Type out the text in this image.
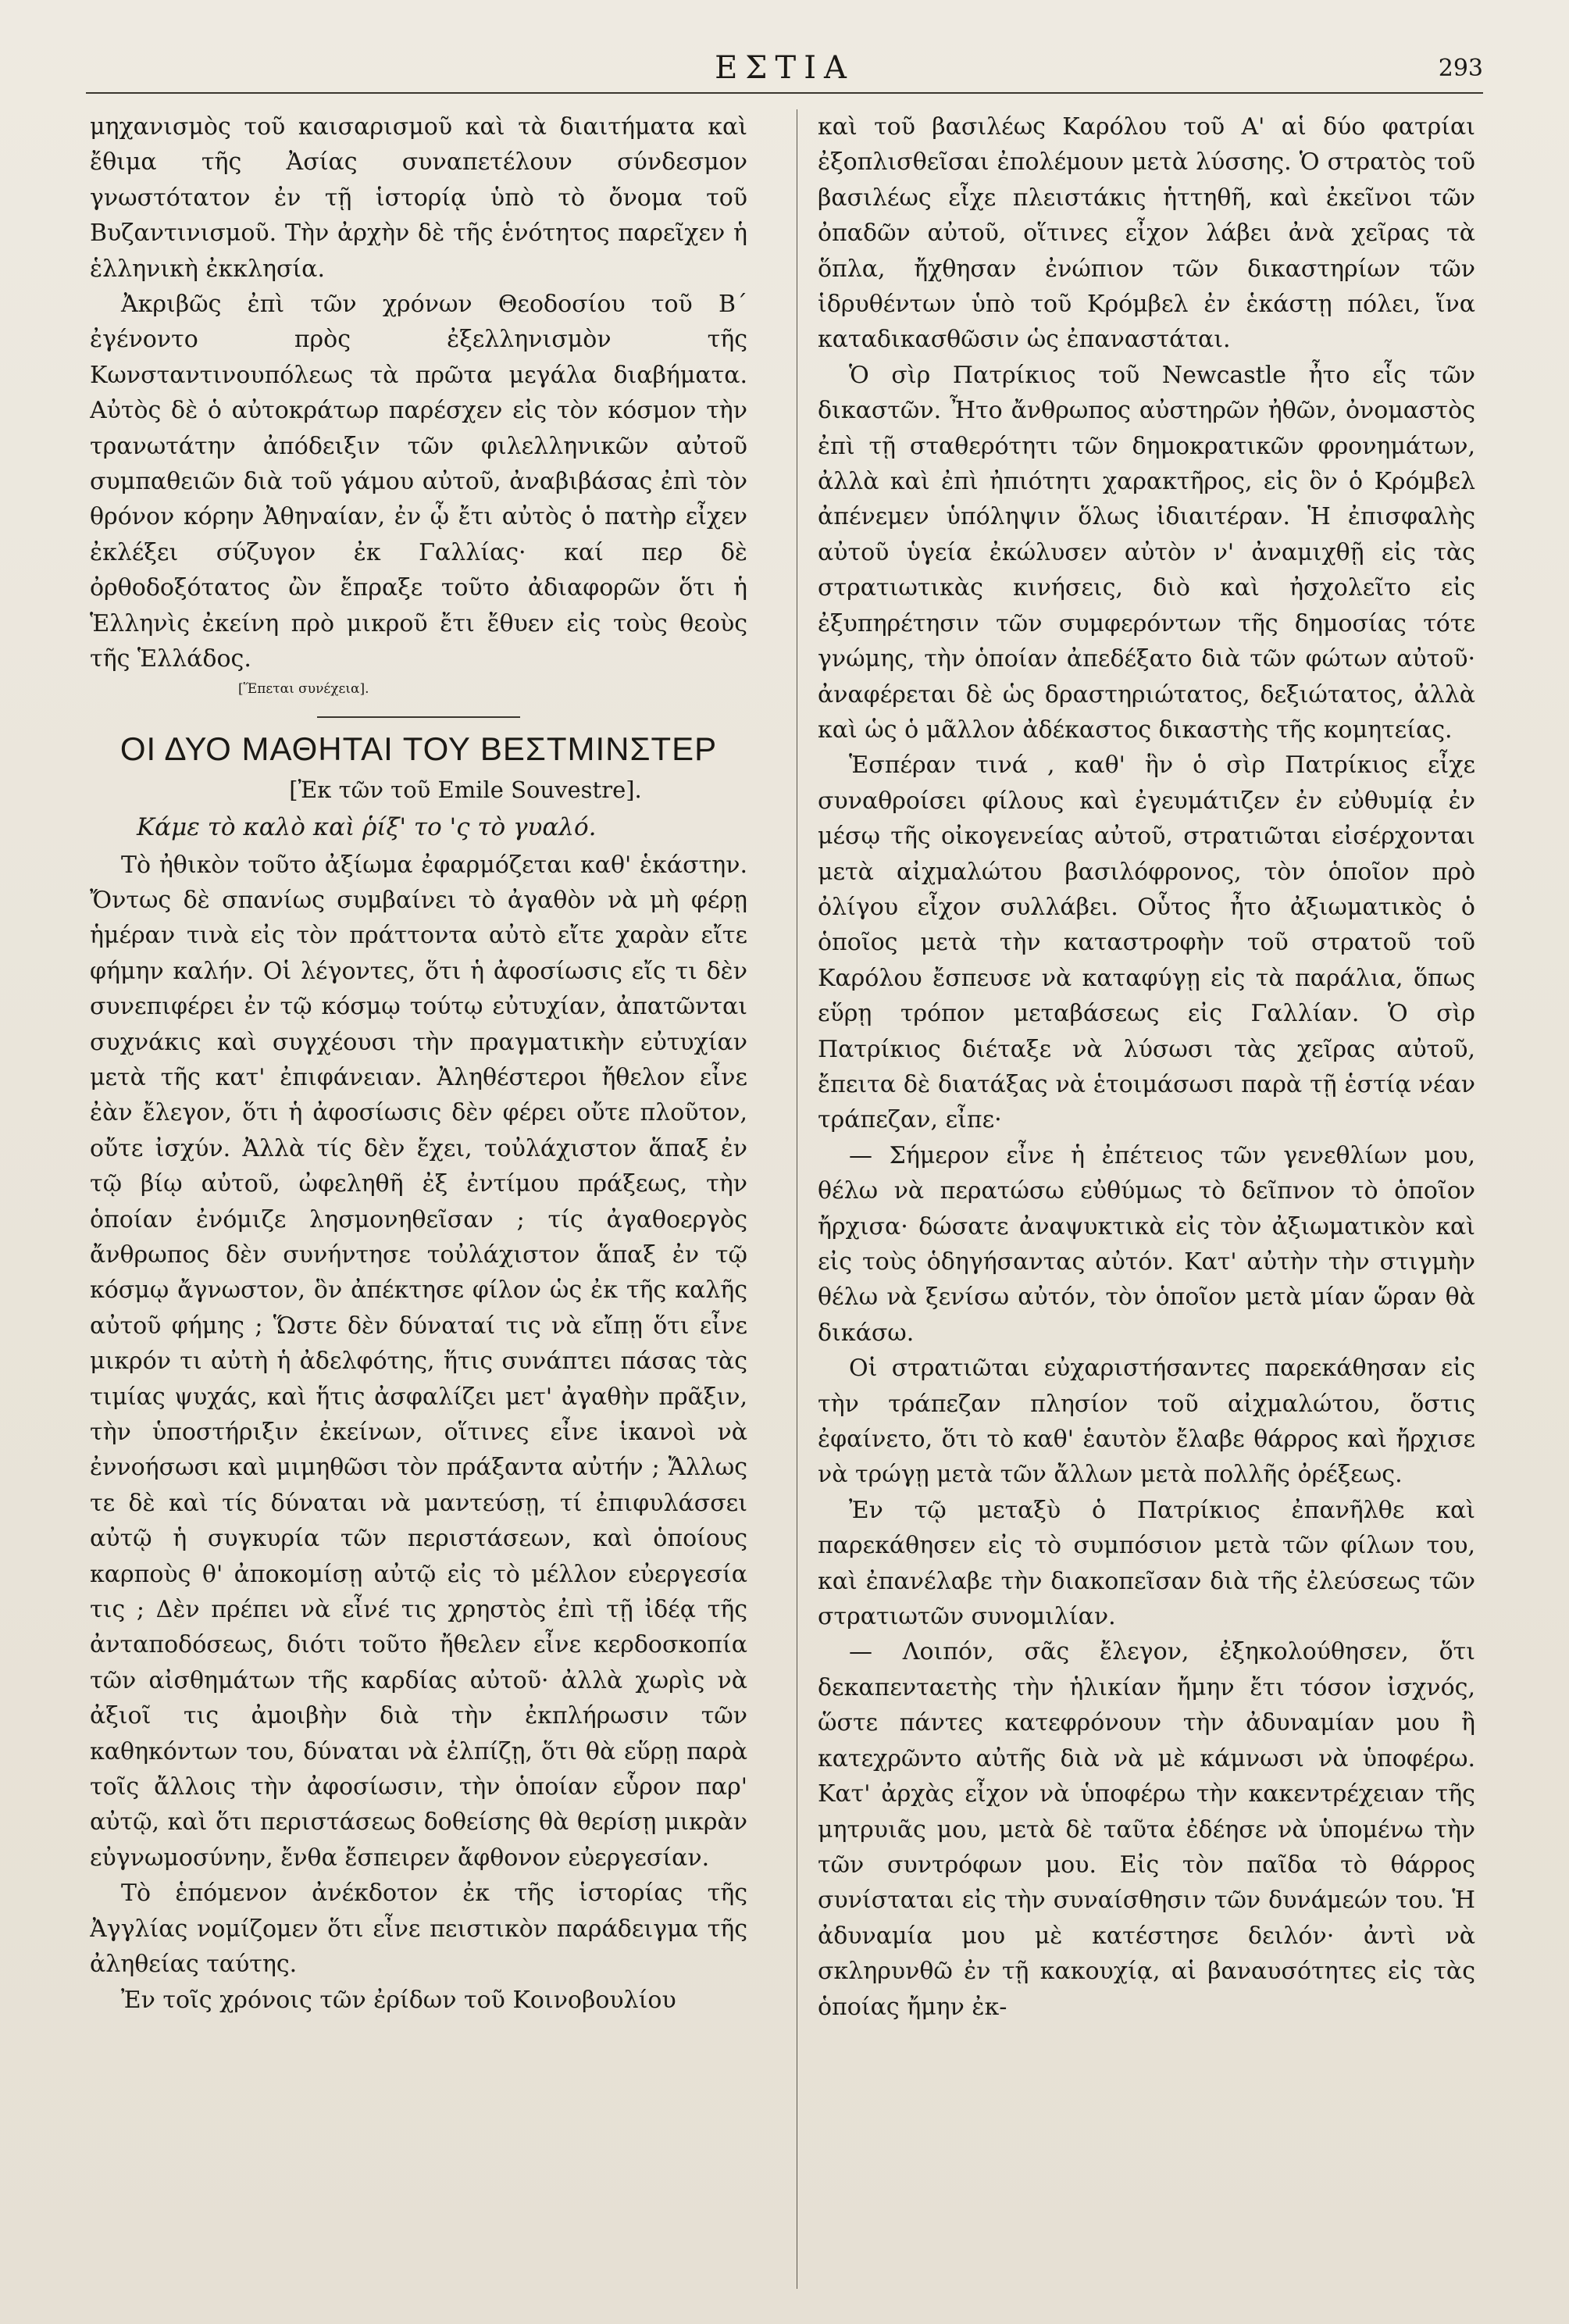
ΕΣΤΙΑ	293

μηχανισμὸς τοῦ καισαρισμοῦ καὶ τὰ διαιτήματα καὶ ἔθιμα τῆς Ἀσίας συναπετέλουν σύνδεσμον γνωστότατον ἐν τῇ ἱστορίᾳ ὑπὸ τὸ ὄνομα τοῦ Βυζαντινισμοῦ. Τὴν ἀρχὴν δὲ τῆς ἑνότητος παρεῖχεν ἡ ἑλληνικὴ ἐκκλησία.

Ἀκριβῶς ἐπὶ τῶν χρόνων Θεοδοσίου τοῦ Β΄ ἐγένοντο πρὸς ἐξελληνισμὸν τῆς Κωνσταντινουπόλεως τὰ πρῶτα μεγάλα διαβήματα. Αὐτὸς δὲ ὁ αὐτοκράτωρ παρέσχεν εἰς τὸν κόσμον τὴν τρανωτάτην ἀπόδειξιν τῶν φιλελληνικῶν αὐτοῦ συμπαθειῶν διὰ τοῦ γάμου αὐτοῦ, ἀναβιβάσας ἐπὶ τὸν θρόνον κόρην Ἀθηναίαν, ἐν ᾧ ἔτι αὐτὸς ὁ πατὴρ εἶχεν ἐκλέξει σύζυγον ἐκ Γαλλίας· καί περ δὲ ὀρθοδοξότατος ὢν ἔπραξε τοῦτο ἀδιαφορῶν ὅτι ἡ Ἑλληνὶς ἐκείνη πρὸ μικροῦ ἔτι ἔθυεν εἰς τοὺς θεοὺς τῆς Ἑλλάδος.

[Ἕπεται συνέχεια].

ΟΙ ΔΥΟ ΜΑΘΗΤΑΙ ΤΟΥ ΒΕΣΤΜΙΝΣΤΕΡ

[Ἐκ τῶν τοῦ Emile Souvestre].

Κάμε τὸ καλὸ καὶ ῥίξ' το 'ς τὸ γυαλό.

Τὸ ἠθικὸν τοῦτο ἀξίωμα ἐφαρμόζεται καθ' ἑκάστην. Ὄντως δὲ σπανίως συμβαίνει τὸ ἀγαθὸν νὰ μὴ φέρῃ ἡμέραν τινὰ εἰς τὸν πράττοντα αὐτὸ εἴτε χαρὰν εἴτε φήμην καλήν. Οἱ λέγοντες, ὅτι ἡ ἀφοσίωσις εἴς τι δὲν συνεπιφέρει ἐν τῷ κόσμῳ τούτῳ εὐτυχίαν, ἀπατῶνται συχνάκις καὶ συγχέουσι τὴν πραγματικὴν εὐτυχίαν μετὰ τῆς κατ' ἐπιφάνειαν. Ἀληθέστεροι ἤθελον εἶνε ἐὰν ἔλεγον, ὅτι ἡ ἀφοσίωσις δὲν φέρει οὔτε πλοῦτον, οὔτε ἰσχύν. Ἀλλὰ τίς δὲν ἔχει, τοὐλάχιστον ἅπαξ ἐν τῷ βίῳ αὐτοῦ, ὠφεληθῆ ἐξ ἐντίμου πράξεως, τὴν ὁποίαν ἐνόμιζε λησμονηθεῖσαν ; τίς ἀγαθοεργὸς ἄνθρωπος δὲν συνήντησε τοὐλάχιστον ἅπαξ ἐν τῷ κόσμῳ ἄγνωστον, ὃν ἀπέκτησε φίλον ὡς ἐκ τῆς καλῆς αὐτοῦ φήμης ; Ὥστε δὲν δύναταί τις νὰ εἴπῃ ὅτι εἶνε μικρόν τι αὐτὴ ἡ ἀδελφότης, ἥτις συνάπτει πάσας τὰς τιμίας ψυχάς, καὶ ἥτις ἀσφαλίζει μετ' ἀγαθὴν πρᾶξιν, τὴν ὑποστήριξιν ἐκείνων, οἵτινες εἶνε ἱκανοὶ νὰ ἐννοήσωσι καὶ μιμηθῶσι τὸν πράξαντα αὐτήν ; Ἄλλως τε δὲ καὶ τίς δύναται νὰ μαντεύσῃ, τί ἐπιφυλάσσει αὐτῷ ἡ συγκυρία τῶν περιστάσεων, καὶ ὁποίους καρποὺς θ' ἀποκομίσῃ αὐτῷ εἰς τὸ μέλλον εὐεργεσία τις ; Δὲν πρέπει νὰ εἶνέ τις χρηστὸς ἐπὶ τῇ ἰδέᾳ τῆς ἀνταποδόσεως, διότι τοῦτο ἤθελεν εἶνε κερδοσκοπία τῶν αἰσθημάτων τῆς καρδίας αὐτοῦ· ἀλλὰ χωρὶς νὰ ἀξιοῖ τις ἀμοιβὴν διὰ τὴν ἐκπλήρωσιν τῶν καθηκόντων του, δύναται νὰ ἐλπίζῃ, ὅτι θὰ εὕρῃ παρὰ τοῖς ἄλλοις τὴν ἀφοσίωσιν, τὴν ὁποίαν εὗρον παρ' αὐτῷ, καὶ ὅτι περιστάσεως δοθείσης θὰ θερίσῃ μικρὰν εὐγνωμοσύνην, ἔνθα ἔσπειρεν ἄφθονον εὐεργεσίαν.

Τὸ ἑπόμενον ἀνέκδοτον ἐκ τῆς ἱστορίας τῆς Ἀγγλίας νομίζομεν ὅτι εἶνε πειστικὸν παράδειγμα τῆς ἀληθείας ταύτης.

Ἐν τοῖς χρόνοις τῶν ἐρίδων τοῦ Κοινοβουλίου

καὶ τοῦ βασιλέως Καρόλου τοῦ Α' αἱ δύο φατρίαι ἐξοπλισθεῖσαι ἐπολέμουν μετὰ λύσσης. Ὁ στρατὸς τοῦ βασιλέως εἶχε πλειστάκις ἡττηθῆ, καὶ ἐκεῖνοι τῶν ὀπαδῶν αὐτοῦ, οἵτινες εἶχον λάβει ἀνὰ χεῖρας τὰ ὅπλα, ἤχθησαν ἐνώπιον τῶν δικαστηρίων τῶν ἱδρυθέντων ὑπὸ τοῦ Κρόμβελ ἐν ἑκάστῃ πόλει, ἵνα καταδικασθῶσιν ὡς ἐπαναστάται.

Ὁ σὶρ Πατρίκιος τοῦ Newcastle ἦτο εἷς τῶν δικαστῶν. Ἦτο ἄνθρωπος αὐστηρῶν ἠθῶν, ὀνομαστὸς ἐπὶ τῇ σταθερότητι τῶν δημοκρατικῶν φρονημάτων, ἀλλὰ καὶ ἐπὶ ἠπιότητι χαρακτῆρος, εἰς ὃν ὁ Κρόμβελ ἀπένεμεν ὑπόληψιν ὅλως ἰδιαιτέραν. Ἡ ἐπισφαλὴς αὐτοῦ ὑγεία ἐκώλυσεν αὐτὸν ν' ἀναμιχθῇ εἰς τὰς στρατιωτικὰς κινήσεις, διὸ καὶ ἠσχολεῖτο εἰς ἐξυπηρέτησιν τῶν συμφερόντων τῆς δημοσίας τότε γνώμης, τὴν ὁποίαν ἀπεδέξατο διὰ τῶν φώτων αὐτοῦ· ἀναφέρεται δὲ ὡς δραστηριώτατος, δεξιώτατος, ἀλλὰ καὶ ὡς ὁ μᾶλλον ἀδέκαστος δικαστὴς τῆς κομητείας.

Ἑσπέραν τινά , καθ' ἣν ὁ σὶρ Πατρίκιος εἶχε συναθροίσει φίλους καὶ ἐγευμάτιζεν ἐν εὐθυμίᾳ ἐν μέσῳ τῆς οἰκογενείας αὐτοῦ, στρατιῶται εἰσέρχονται μετὰ αἰχμαλώτου βασιλόφρονος, τὸν ὁποῖον πρὸ ὀλίγου εἶχον συλλάβει. Οὗτος ἦτο ἀξιωματικὸς ὁ ὁποῖος μετὰ τὴν καταστροφὴν τοῦ στρατοῦ τοῦ Καρόλου ἔσπευσε νὰ καταφύγῃ εἰς τὰ παράλια, ὅπως εὕρῃ τρόπον μεταβάσεως εἰς Γαλλίαν. Ὁ σὶρ Πατρίκιος διέταξε νὰ λύσωσι τὰς χεῖρας αὐτοῦ, ἔπειτα δὲ διατάξας νὰ ἑτοιμάσωσι παρὰ τῇ ἑστίᾳ νέαν τράπεζαν, εἶπε·

— Σήμερον εἶνε ἡ ἐπέτειος τῶν γενεθλίων μου, θέλω νὰ περατώσω εὐθύμως τὸ δεῖπνον τὸ ὁποῖον ἤρχισα· δώσατε ἀναψυκτικὰ εἰς τὸν ἀξιωματικὸν καὶ εἰς τοὺς ὁδηγήσαντας αὐτόν. Κατ' αὐτὴν τὴν στιγμὴν θέλω νὰ ξενίσω αὐτόν, τὸν ὁποῖον μετὰ μίαν ὥραν θὰ δικάσω.

Οἱ στρατιῶται εὐχαριστήσαντες παρεκάθησαν εἰς τὴν τράπεζαν πλησίον τοῦ αἰχμαλώτου, ὅστις ἐφαίνετο, ὅτι τὸ καθ' ἑαυτὸν ἔλαβε θάρρος καὶ ἤρχισε νὰ τρώγῃ μετὰ τῶν ἄλλων μετὰ πολλῆς ὀρέξεως.

Ἐν τῷ μεταξὺ ὁ Πατρίκιος ἐπανῆλθε καὶ παρεκάθησεν εἰς τὸ συμπόσιον μετὰ τῶν φίλων του, καὶ ἐπανέλαβε τὴν διακοπεῖσαν διὰ τῆς ἐλεύσεως τῶν στρατιωτῶν συνομιλίαν.

— Λοιπόν, σᾶς ἔλεγον, ἐξηκολούθησεν, ὅτι δεκαπενταετὴς τὴν ἡλικίαν ἤμην ἔτι τόσον ἰσχνός, ὥστε πάντες κατεφρόνουν τὴν ἀδυναμίαν μου ἢ κατεχρῶντο αὐτῆς διὰ νὰ μὲ κάμνωσι νὰ ὑποφέρω. Κατ' ἀρχὰς εἶχον νὰ ὑποφέρω τὴν κακεντρέχειαν τῆς μητρυιᾶς μου, μετὰ δὲ ταῦτα ἐδέησε νὰ ὑπομένω τὴν τῶν συντρόφων μου. Εἰς τὸν παῖδα τὸ θάρρος συνίσταται εἰς τὴν συναίσθησιν τῶν δυνάμεών του. Ἡ ἀδυναμία μου μὲ κατέστησε δειλόν· ἀντὶ νὰ σκληρυνθῶ ἐν τῇ κακουχίᾳ, αἱ βαναυσότητες εἰς τὰς ὁποίας ἤμην ἐκ-
